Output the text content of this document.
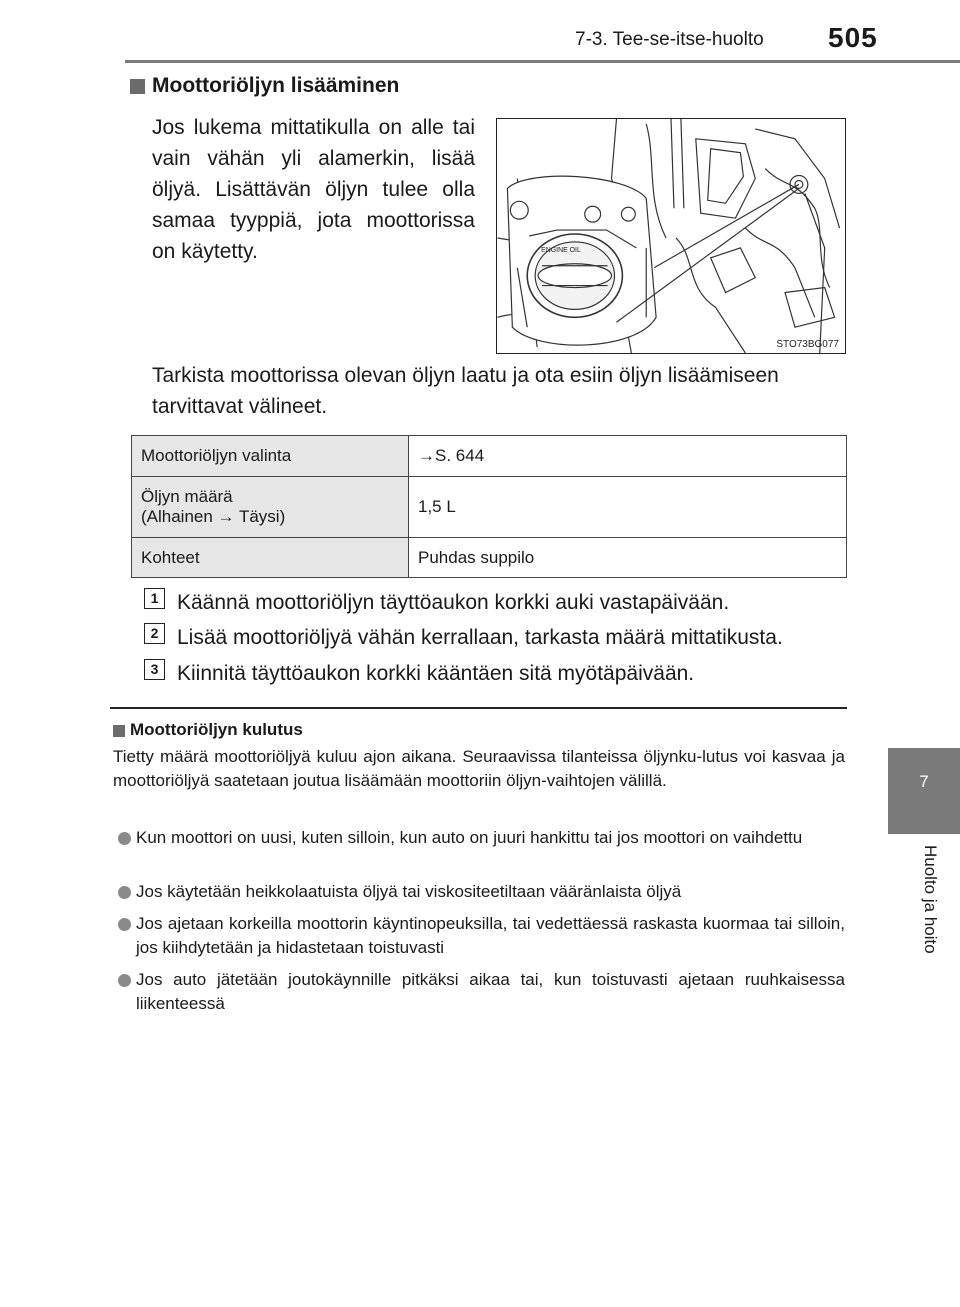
7-3. Tee-se-itse-huolto 505
7
Huolto ja hoito
Moottoriöljyn lisääminen
Jos lukema mittatikulla on alle tai vain vähän yli alamerkin, lisää öljyä. Lisättävän öljyn tulee olla samaa tyyppiä, jota moottorissa on käytetty.	ENGINE OIL
STO73BG077
Tarkista moottorissa olevan öljyn laatu ja ota esiin öljyn lisäämiseen tarvittavat välineet.
Moottoriöljyn valinta	→S. 644

Öljyn määrä
(Alhainen → Täysi)	1,5 L
Kohteet	Puhdas suppilo
1 Käännä moottoriöljyn täyttöaukon korkki auki vastapäivään.
2 Lisää moottoriöljyä vähän kerrallaan, tarkasta määrä mittatikusta.
3 Kiinnitä täyttöaukon korkki kääntäen sitä myötäpäivään.
Moottoriöljyn kulutus
Tietty määrä moottoriöljyä kuluu ajon aikana. Seuraavissa tilanteissa öljynku-lutus voi kasvaa ja moottoriöljyä saatetaan joutua lisäämään moottoriin öljyn-vaihtojen välillä.
Kun moottori on uusi, kuten silloin, kun auto on juuri hankittu tai jos moottori on vaihdettu
Jos käytetään heikkolaatuista öljyä tai viskositeetiltaan vääränlaista öljyä
Jos ajetaan korkeilla moottorin käyntinopeuksilla, tai vedettäessä raskasta kuormaa tai silloin, jos kiihdytetään ja hidastetaan toistuvasti
Jos auto jätetään joutokäynnille pitkäksi aikaa tai, kun toistuvasti ajetaan ruuhkaisessa liikenteessä
